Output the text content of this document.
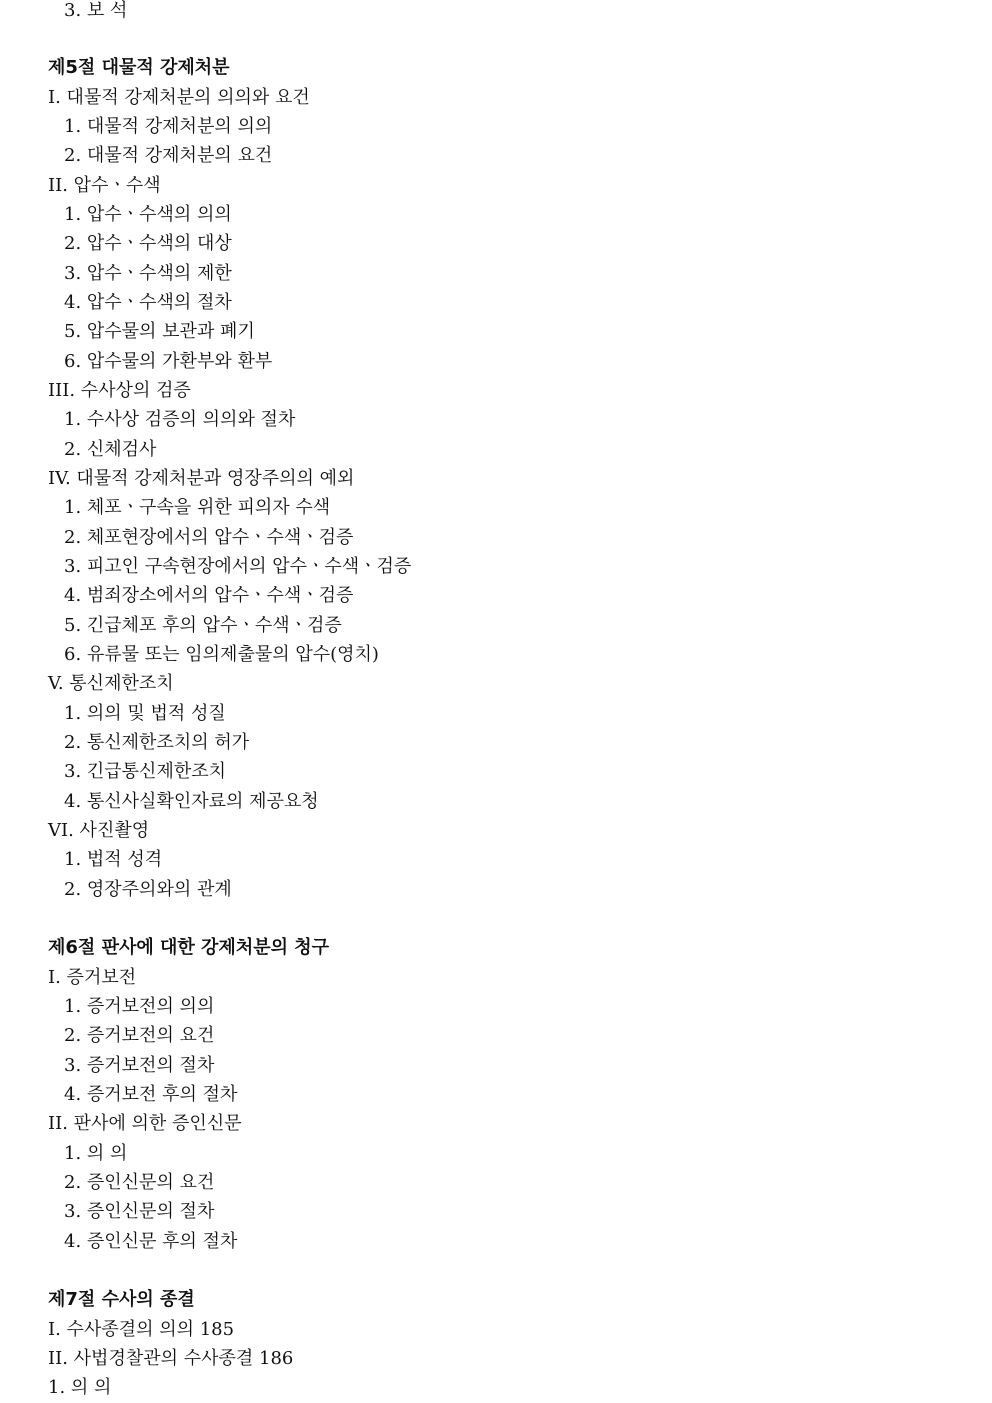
3. 보 석
제5절 대물적 강제처분
I. 대물적 강제처분의 의의와 요건
1. 대물적 강제처분의 의의
2. 대물적 강제처분의 요건
II. 압수ㆍ수색
1. 압수ㆍ수색의 의의
2. 압수ㆍ수색의 대상
3. 압수ㆍ수색의 제한
4. 압수ㆍ수색의 절차
5. 압수물의 보관과 폐기
6. 압수물의 가환부와 환부
III. 수사상의 검증
1. 수사상 검증의 의의와 절차
2. 신체검사
IV. 대물적 강제처분과 영장주의의 예외
1. 체포ㆍ구속을 위한 피의자 수색
2. 체포현장에서의 압수ㆍ수색ㆍ검증
3. 피고인 구속현장에서의 압수ㆍ수색ㆍ검증
4. 범죄장소에서의 압수ㆍ수색ㆍ검증
5. 긴급체포 후의 압수ㆍ수색ㆍ검증
6. 유류물 또는 임의제출물의 압수(영치)
V. 통신제한조치
1. 의의 및 법적 성질
2. 통신제한조치의 허가
3. 긴급통신제한조치
4. 통신사실확인자료의 제공요청
VI. 사진촬영
1. 법적 성격
2. 영장주의와의 관계
제6절 판사에 대한 강제처분의 청구
I. 증거보전
1. 증거보전의 의의
2. 증거보전의 요건
3. 증거보전의 절차
4. 증거보전 후의 절차
II. 판사에 의한 증인신문
1. 의 의
2. 증인신문의 요건
3. 증인신문의 절차
4. 증인신문 후의 절차
제7절 수사의 종결
I. 수사종결의 의의 185
II. 사법경찰관의 수사종결 186
1. 의 의
